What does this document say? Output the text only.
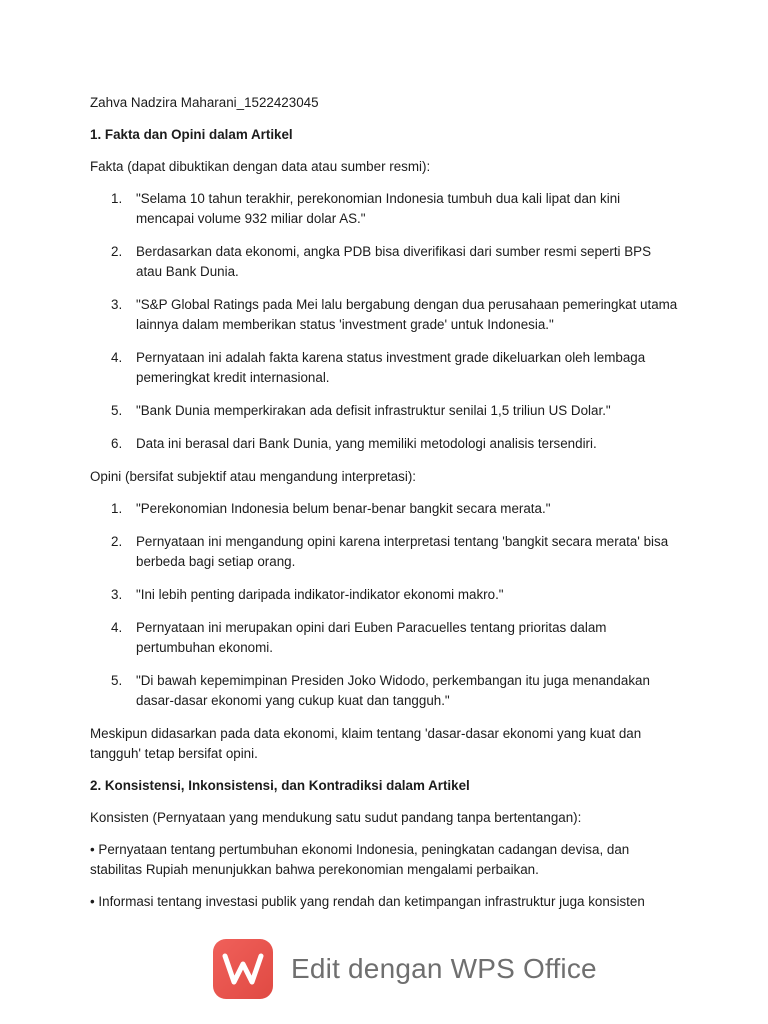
Zahva Nadzira Maharani_1522423045

1. Fakta dan Opini dalam Artikel

Fakta (dapat dibuktikan dengan data atau sumber resmi):

1. "Selama 10 tahun terakhir, perekonomian Indonesia tumbuh dua kali lipat dan kini mencapai volume 932 miliar dolar AS."
2. Berdasarkan data ekonomi, angka PDB bisa diverifikasi dari sumber resmi seperti BPS atau Bank Dunia.
3. "S&P Global Ratings pada Mei lalu bergabung dengan dua perusahaan pemeringkat utama lainnya dalam memberikan status 'investment grade' untuk Indonesia."
4. Pernyataan ini adalah fakta karena status investment grade dikeluarkan oleh lembaga pemeringkat kredit internasional.
5. "Bank Dunia memperkirakan ada defisit infrastruktur senilai 1,5 triliun US Dolar."
6. Data ini berasal dari Bank Dunia, yang memiliki metodologi analisis tersendiri.

Opini (bersifat subjektif atau mengandung interpretasi):

1. "Perekonomian Indonesia belum benar-benar bangkit secara merata."
2. Pernyataan ini mengandung opini karena interpretasi tentang 'bangkit secara merata' bisa berbeda bagi setiap orang.
3. "Ini lebih penting daripada indikator-indikator ekonomi makro."
4. Pernyataan ini merupakan opini dari Euben Paracuelles tentang prioritas dalam pertumbuhan ekonomi.
5. "Di bawah kepemimpinan Presiden Joko Widodo, perkembangan itu juga menandakan dasar-dasar ekonomi yang cukup kuat dan tangguh."

Meskipun didasarkan pada data ekonomi, klaim tentang 'dasar-dasar ekonomi yang kuat dan tangguh' tetap bersifat opini.

2. Konsistensi, Inkonsistensi, dan Kontradiksi dalam Artikel

Konsisten (Pernyataan yang mendukung satu sudut pandang tanpa bertentangan):

• Pernyataan tentang pertumbuhan ekonomi Indonesia, peningkatan cadangan devisa, dan stabilitas Rupiah menunjukkan bahwa perekonomian mengalami perbaikan.

• Informasi tentang investasi publik yang rendah dan ketimpangan infrastruktur juga konsisten

Edit dengan WPS Office
